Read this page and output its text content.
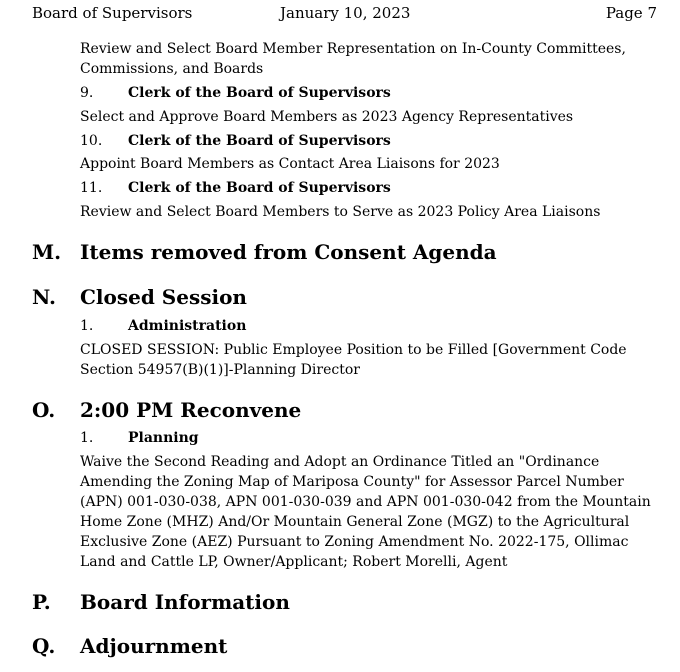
Board of Supervisors	January 10, 2023	Page 7
Review and Select Board Member Representation on In-County Committees, Commissions, and Boards
9. Clerk of the Board of Supervisors
Select and Approve Board Members as 2023 Agency Representatives
10. Clerk of the Board of Supervisors
Appoint Board Members as Contact Area Liaisons for 2023
11. Clerk of the Board of Supervisors
Review and Select Board Members to Serve as 2023 Policy Area Liaisons
M. Items removed from Consent Agenda
N. Closed Session
1. Administration
CLOSED SESSION: Public Employee Position to be Filled [Government Code Section 54957(B)(1)]-Planning Director
O. 2:00 PM Reconvene
1. Planning
Waive the Second Reading and Adopt an Ordinance Titled an "Ordinance Amending the Zoning Map of Mariposa County" for Assessor Parcel Number (APN) 001-030-038, APN 001-030-039 and APN 001-030-042 from the Mountain Home Zone (MHZ) And/Or Mountain General Zone (MGZ) to the Agricultural Exclusive Zone (AEZ) Pursuant to Zoning Amendment No. 2022-175, Ollimac Land and Cattle LP, Owner/Applicant; Robert Morelli, Agent
P. Board Information
Q. Adjournment
